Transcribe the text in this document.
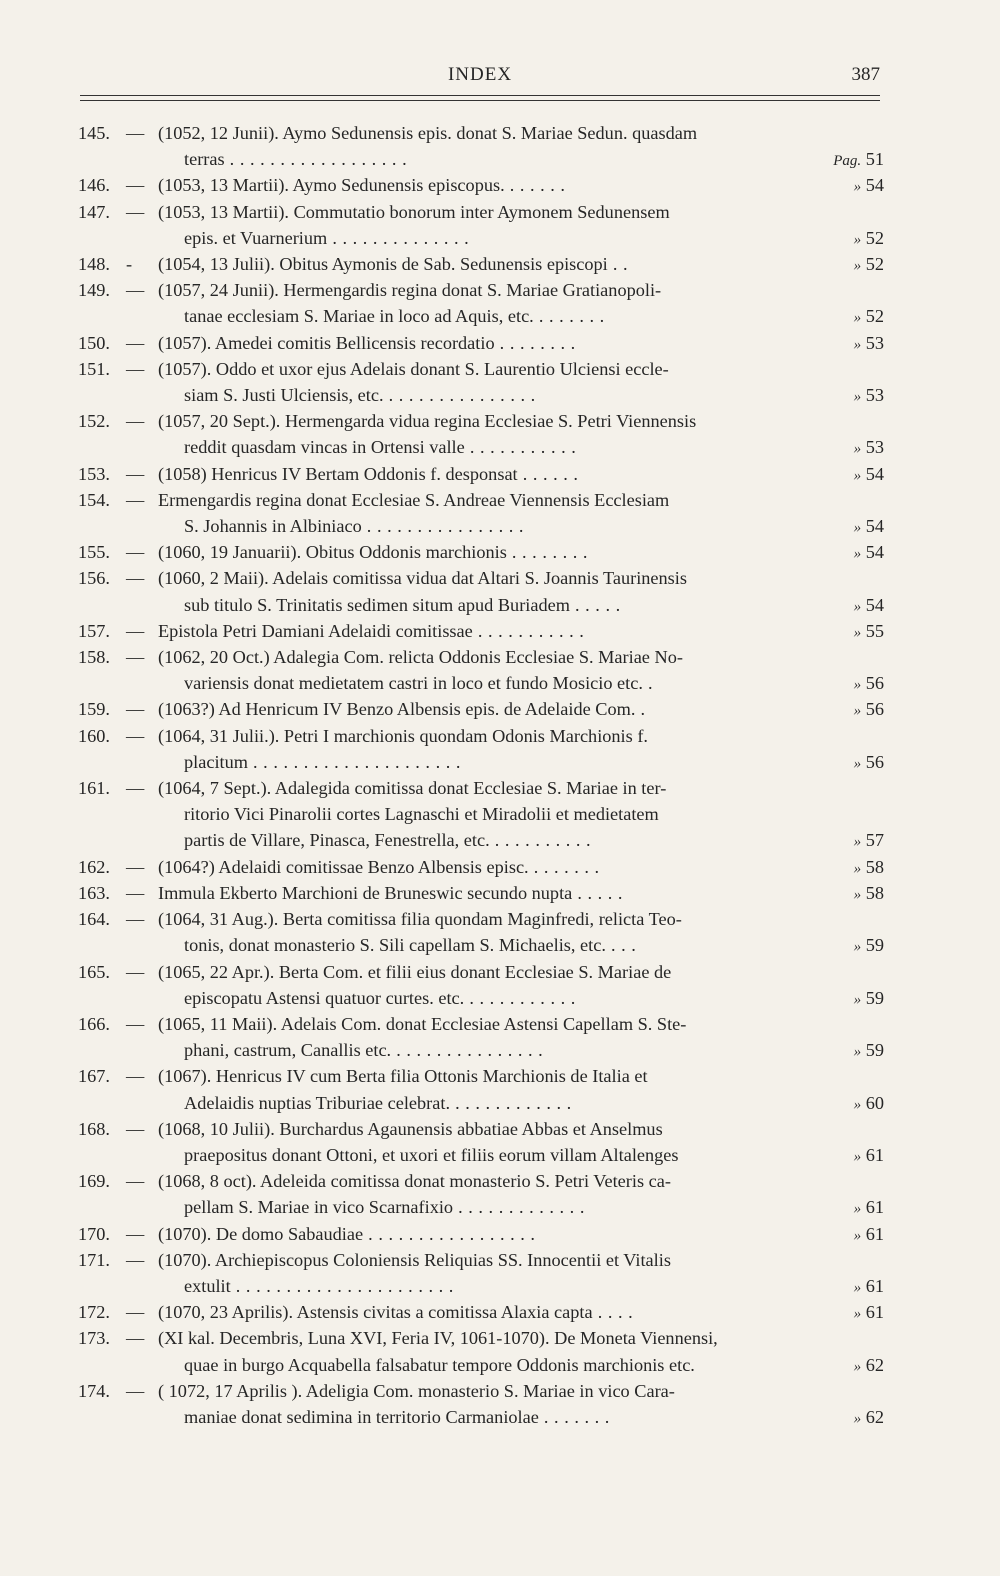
INDEX	387
145. — (1052, 12 Junii). Aymo Sedunensis epis. donat S. Mariae Sedun. quasdam
terras . . . . . . . . . . . . . . . . . .	Pag. 51
146. — (1053, 13 Martii). Aymo Sedunensis episcopus. . . . . . .	» 54
147. — (1053, 13 Martii). Commutatio bonorum inter Aymonem Sedunensem
epis. et Vuarnerium . . . . . . . . . . . . . .	» 52
148. -	(1054, 13 Julii). Obitus Aymonis de Sab. Sedunensis episcopi . .	» 52
149. — (1057, 24 Junii). Hermengardis regina donat S. Mariae Gratianopoli-
tanae ecclesiam S. Mariae in loco ad Aquis, etc. . . . . . . .	» 52
150. — (1057). Amedei comitis Bellicensis recordatio . . . . . . . .	» 53
151. — (1057). Oddo et uxor ejus Adelais donant S. Laurentio Ulciensi eccle-
siam S. Justi Ulciensis, etc. . . . . . . . . . . . . . . .	» 53
152. — (1057, 20 Sept.). Hermengarda vidua regina Ecclesiae S. Petri Viennensis
reddit quasdam vincas in Ortensi valle . . . . . . . . . . .	» 53
153. — (1058) Henricus IV Bertam Oddonis f. desponsat . . . . . .	» 54
154. — Ermengardis regina donat Ecclesiae S. Andreae Viennensis Ecclesiam
S. Johannis in Albiniaco . . . . . . . . . . . . . . . .	» 54
155. — (1060, 19 Januarii). Obitus Oddonis marchionis . . . . . . . .	» 54
156. — (1060, 2 Maii). Adelais comitissa vidua dat Altari S. Joannis Taurinensis
sub titulo S. Trinitatis sedimen situm apud Buriadem . . . . .	» 54
157. — Epistola Petri Damiani Adelaidi comitissae . . . . . . . . . . .	» 55
158. — (1062, 20 Oct.) Adalegia Com. relicta Oddonis Ecclesiae S. Mariae No-
variensis donat medietatem castri in loco et fundo Mosicio etc. .	» 56
159. — (1063?) Ad Henricum IV Benzo Albensis epis. de Adelaide Com. .	» 56
160. — (1064, 31 Julii.). Petri I marchionis quondam Odonis Marchionis f.
placitum . . . . . . . . . . . . . . . . . . . . .	» 56
161. — (1064, 7 Sept.). Adalegida comitissa donat Ecclesiae S. Mariae in ter-
ritorio Vici Pinarolii cortes Lagnaschi et Miradolii et medietatem
partis de Villare, Pinasca, Fenestrella, etc. . . . . . . . . . .	» 57
162. — (1064?) Adelaidi comitissae Benzo Albensis episc. . . . . . . .	» 58
163. — Immula Ekberto Marchioni de Bruneswic secundo nupta . . . . .	» 58
164. — (1064, 31 Aug.). Berta comitissa filia quondam Maginfredi, relicta Teo-
tonis, donat monasterio S. Sili capellam S. Michaelis, etc. . . .	» 59
165. — (1065, 22 Apr.). Berta Com. et filii eius donant Ecclesiae S. Mariae de
episcopatu Astensi quatuor curtes. etc. . . . . . . . . . . .	» 59
166. — (1065, 11 Maii). Adelais Com. donat Ecclesiae Astensi Capellam S. Ste-
phani, castrum, Canallis etc. . . . . . . . . . . . . . . .	» 59
167. — (1067). Henricus IV cum Berta filia Ottonis Marchionis de Italia et
Adelaidis nuptias Triburiae celebrat. . . . . . . . . . . . .	» 60
168. — (1068, 10 Julii). Burchardus Agaunensis abbatiae Abbas et Anselmus
praepositus donant Ottoni, et uxori et filiis eorum villam Altalenges	» 61
169. — (1068, 8 oct). Adeleida comitissa donat monasterio S. Petri Veteris ca-
pellam S. Mariae in vico Scarnafixio . . . . . . . . . . . . .	» 61
170. — (1070). De domo Sabaudiae . . . . . . . . . . . . . . . . .	» 61
171. — (1070). Archiepiscopus Coloniensis Reliquias SS. Innocentii et Vitalis
extulit . . . . . . . . . . . . . . . . . . . . . .	» 61
172. — (1070, 23 Aprilis). Astensis civitas a comitissa Alaxia capta . . . .	» 61
173. — (XI kal. Decembris, Luna XVI, Feria IV, 1061-1070). De Moneta Viennensi,
quae in burgo Acquabella falsabatur tempore Oddonis marchionis etc.	» 62
174. — ( 1072, 17 Aprilis ). Adeligia Com. monasterio S. Mariae in vico Cara-
maniae donat sedimina in territorio Carmaniolae . . . . . . .	» 62
